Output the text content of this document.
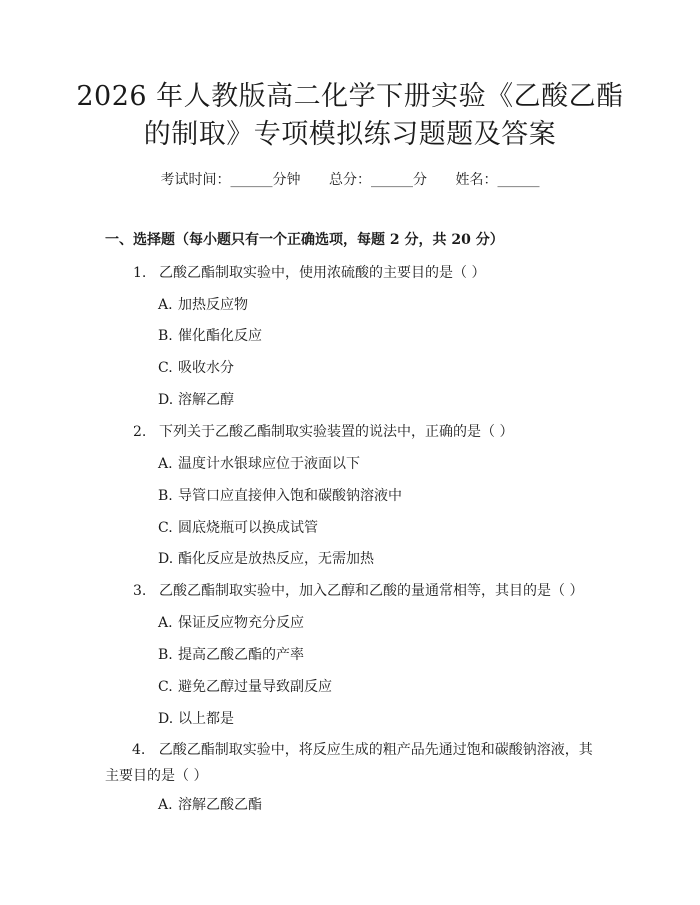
2026 年人教版高二化学下册实验《乙酸乙酯
的制取》专项模拟练习题题及答案
考试时间：______分钟 总分：______分 姓名：______
一、选择题（每小题只有一个正确选项，每题 2 分，共 20 分）
1. 乙酸乙酯制取实验中，使用浓硫酸的主要目的是（ ）
A. 加热反应物
B. 催化酯化反应
C. 吸收水分
D. 溶解乙醇
2. 下列关于乙酸乙酯制取实验装置的说法中，正确的是（ ）
A. 温度计水银球应位于液面以下
B. 导管口应直接伸入饱和碳酸钠溶液中
C. 圆底烧瓶可以换成试管
D. 酯化反应是放热反应，无需加热
3. 乙酸乙酯制取实验中，加入乙醇和乙酸的量通常相等，其目的是（ ）
A. 保证反应物充分反应
B. 提高乙酸乙酯的产率
C. 避免乙醇过量导致副反应
D. 以上都是
4. 乙酸乙酯制取实验中，将反应生成的粗产品先通过饱和碳酸钠溶液，其主要目的是（ ）
A. 溶解乙酸乙酯
